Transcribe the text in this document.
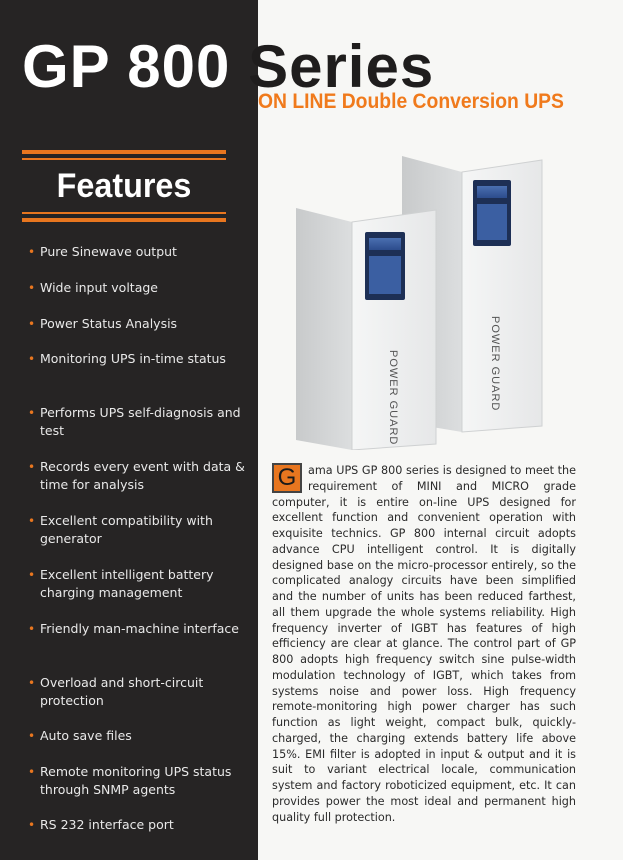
GP 800 Series
ON LINE Double Conversion UPS
Features
• Pure Sinewave output
• Wide input voltage
• Power Status Analysis
• Monitoring UPS in-time status
• Performs UPS self-diagnosis and test
• Records every event with data & time for analysis
• Excellent compatibility with generator
• Excellent intelligent battery charging management
• Friendly man-machine interface
• Overload and short-circuit protection
• Auto save files
• Remote monitoring UPS status through SNMP agents
• RS 232 interface port
POWER GUARD
POWER GUARD

G	ama UPS GP 800 series is designed to meet the requirement of MINI and MICRO grade computer, it is entire on-line UPS designed for excellent function and convenient operation with exquisite technics. GP 800 internal circuit adopts advance CPU intelligent control. It is digitally designed base on the micro-processor entirely, so the complicated analogy circuits have been simplified and the number of units has been reduced farthest, all them upgrade the whole systems reliability. High frequency inverter of IGBT has features of high efficiency are clear at glance. The control part of GP 800 adopts high frequency switch sine pulse-width modulation technology of IGBT, which takes from systems noise and power loss. High frequency remote-monitoring high power charger has such function as light weight, compact bulk, quickly-charged, the charging extends battery life above 15%. EMI filter is adopted in input & output and it is suit to variant electrical locale, communication system and factory roboticized equipment, etc. It can provides power the most ideal and permanent high quality full protection.
